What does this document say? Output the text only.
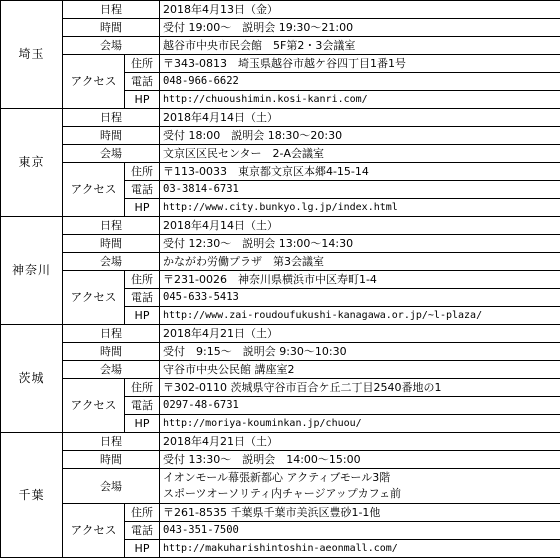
埼玉	日程		2018年4月13日（金）
	時間		受付 19:00～　説明会 19:30～21:00
	会場		越谷市中央市民会館　5F第2・3会議室

	アクセス	住所	〒343-0813　埼玉県越谷市越ケ谷四丁目1番1号
		電話	048-966-6622
		HP	http://chuoushimin.kosi-kanri.com/
東京	日程		2018年4月14日（土）
	時間		受付 18:00　説明会 18:30～20:30
	会場		文京区区民センター　2-A会議室

	アクセス	住所	〒113-0033　東京都文京区本郷4-15-14
		電話	03-3814-6731
		HP	http://www.city.bunkyo.lg.jp/index.html
神奈川	日程		2018年4月14日（土）
	時間		受付 12:30～　説明会 13:00～14:30
	会場		かながわ労働プラザ　第3会議室

	アクセス	住所	〒231-0026　神奈川県横浜市中区寿町1-4
		電話	045-633-5413
		HP	http://www.zai-roudoufukushi-kanagawa.or.jp/~l-plaza/
茨城	日程		2018年4月21日（土）
	時間		受付　9:15～　説明会 9:30～10:30
	会場		守谷市中央公民館 講座室2

	アクセス	住所	〒302-0110 茨城県守谷市百合ケ丘二丁目2540番地の1
		電話	0297-48-6731
		HP	http://moriya-kouminkan.jp/chuou/
千葉	日程		2018年4月21日（土）
	時間		受付 13:30～　説明会　14:00～15:00
	会場		イオンモール幕張新都心 アクティブモール3階
スポーツオーソリティ内チャージアップカフェ前

	アクセス	住所	〒261-8535 千葉県千葉市美浜区豊砂1-1他
		電話	043-351-7500
		HP	http://makuharishintoshin-aeonmall.com/
